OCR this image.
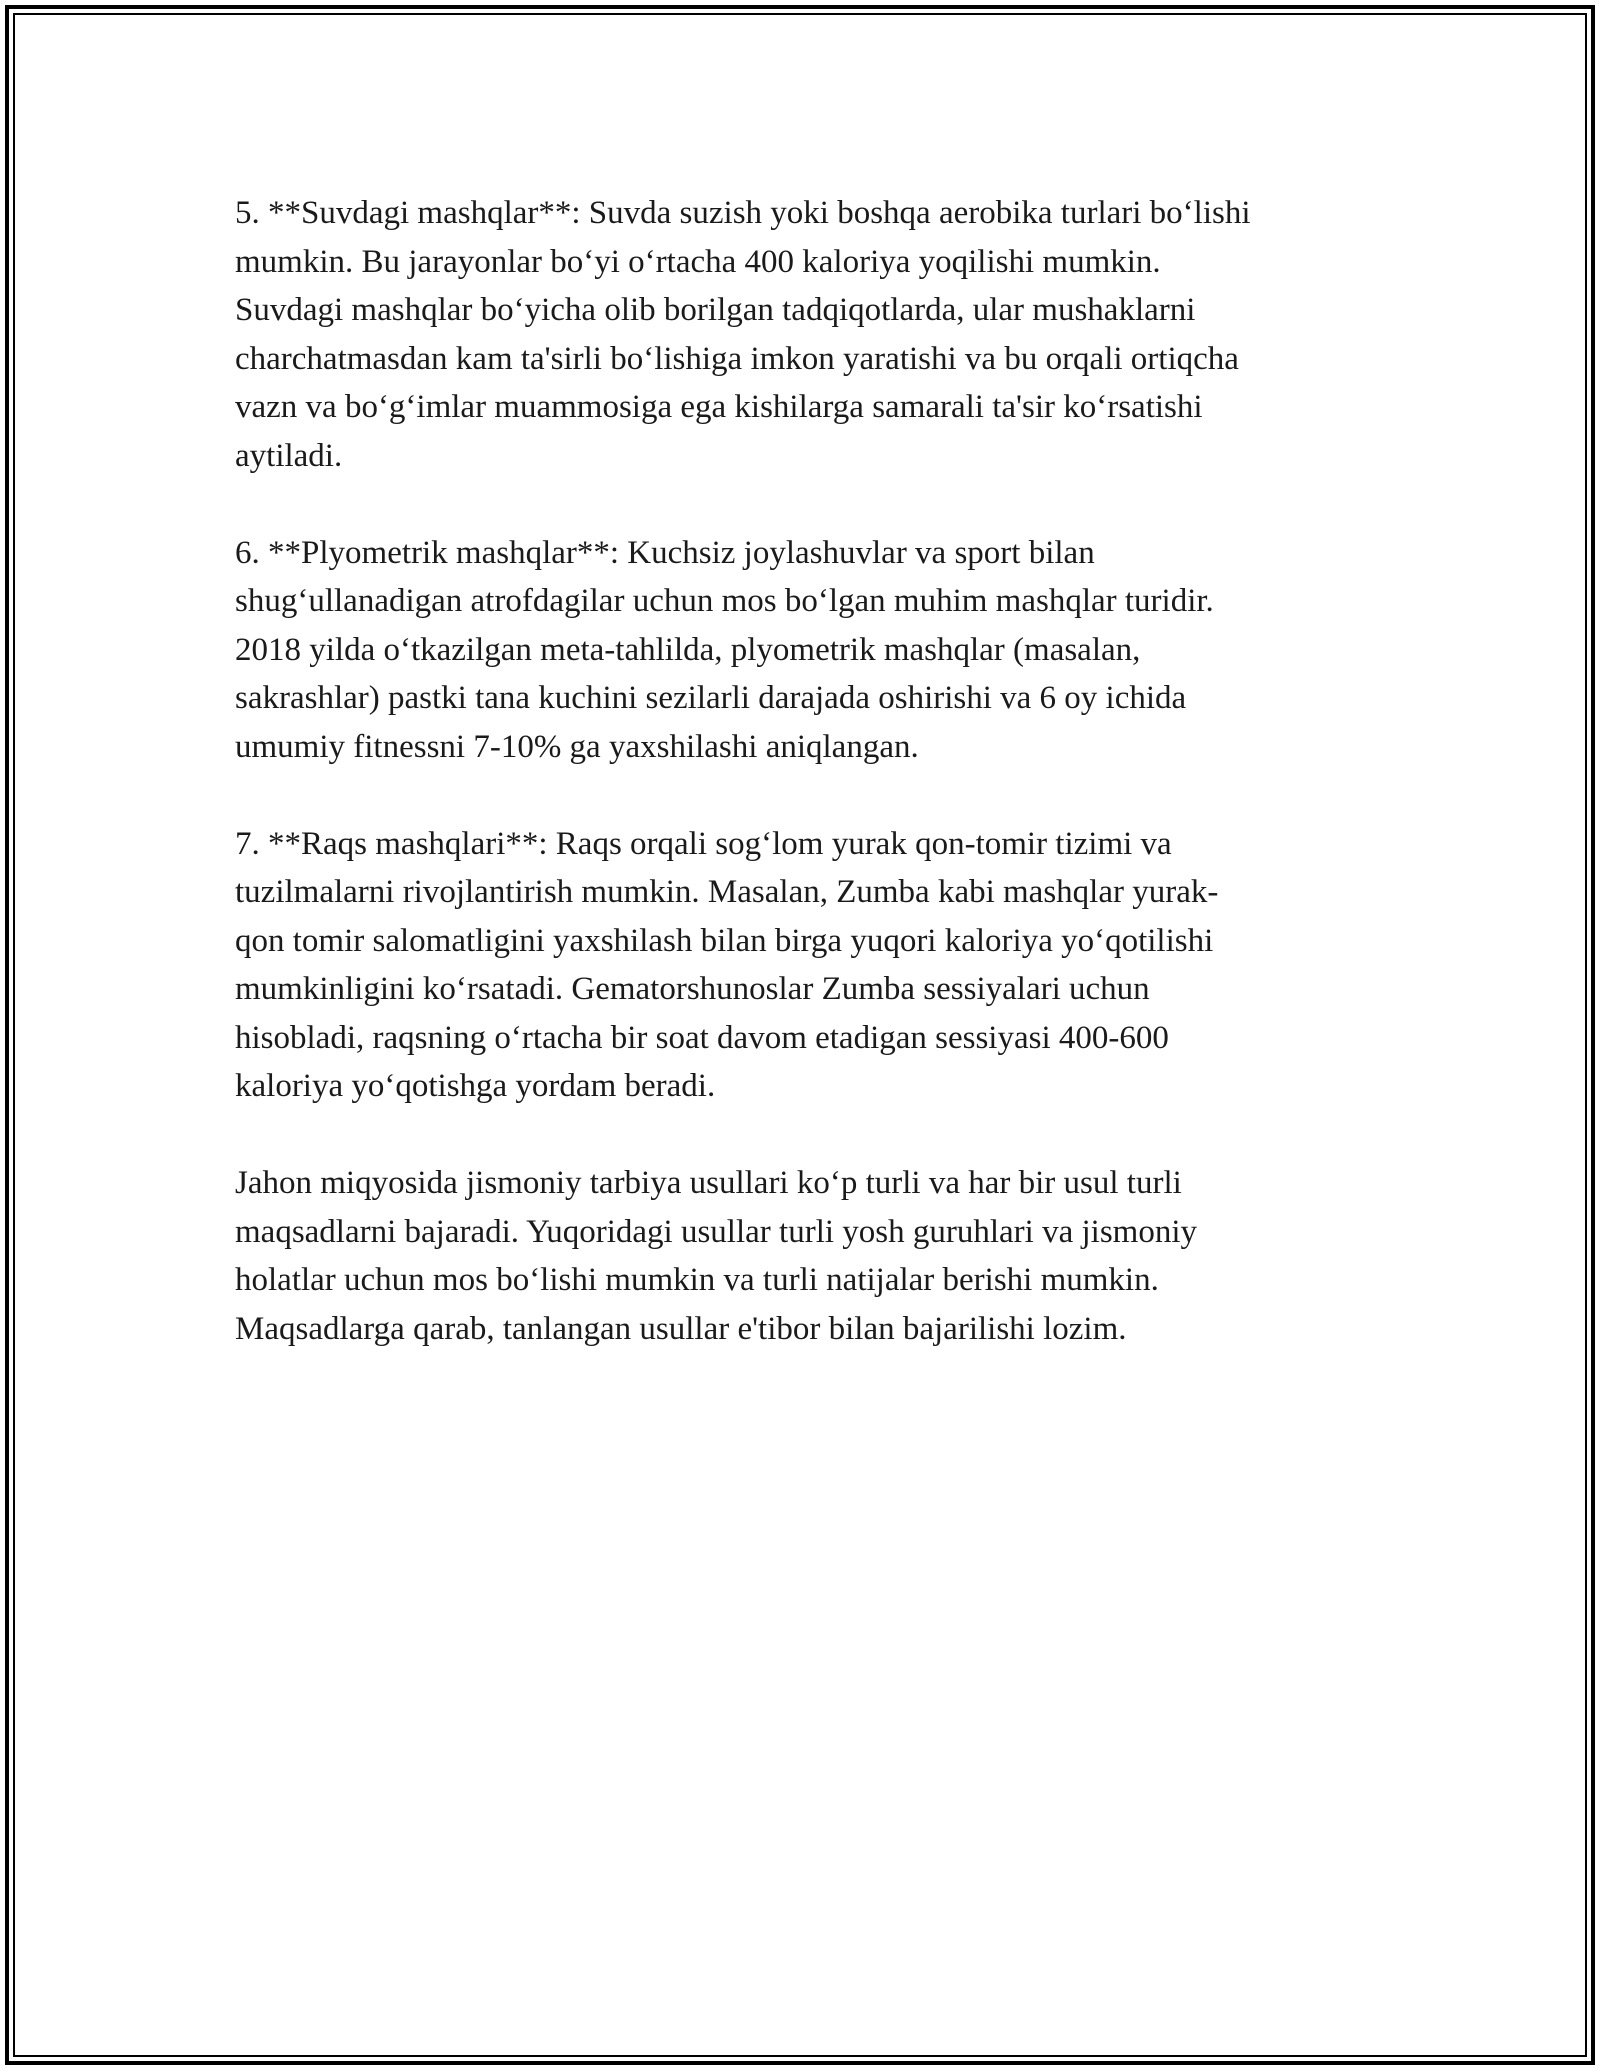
5. **Suvdagi mashqlar**: Suvda suzish yoki boshqa aerobika turlari bo‘lishi
mumkin. Bu jarayonlar bo‘yi o‘rtacha 400 kaloriya yoqilishi mumkin.
Suvdagi mashqlar bo‘yicha olib borilgan tadqiqotlarda, ular mushaklarni
charchatmasdan kam ta'sirli bo‘lishiga imkon yaratishi va bu orqali ortiqcha
vazn va bo‘g‘imlar muammosiga ega kishilarga samarali ta'sir ko‘rsatishi
aytiladi.

6. **Plyometrik mashqlar**: Kuchsiz joylashuvlar va sport bilan
shug‘ullanadigan atrofdagilar uchun mos bo‘lgan muhim mashqlar turidir.
2018 yilda o‘tkazilgan meta-tahlilda, plyometrik mashqlar (masalan,
sakrashlar) pastki tana kuchini sezilarli darajada oshirishi va 6 oy ichida
umumiy fitnessni 7-10% ga yaxshilashi aniqlangan.

7. **Raqs mashqlari**: Raqs orqali sog‘lom yurak qon-tomir tizimi va
tuzilmalarni rivojlantirish mumkin. Masalan, Zumba kabi mashqlar yurak-
qon tomir salomatligini yaxshilash bilan birga yuqori kaloriya yo‘qotilishi
mumkinligini ko‘rsatadi. Gematorshunoslar Zumba sessiyalari uchun
hisobladi, raqsning o‘rtacha bir soat davom etadigan sessiyasi 400-600
kaloriya yo‘qotishga yordam beradi.

Jahon miqyosida jismoniy tarbiya usullari ko‘p turli va har bir usul turli
maqsadlarni bajaradi. Yuqoridagi usullar turli yosh guruhlari va jismoniy
holatlar uchun mos bo‘lishi mumkin va turli natijalar berishi mumkin.
Maqsadlarga qarab, tanlangan usullar e'tibor bilan bajarilishi lozim.
